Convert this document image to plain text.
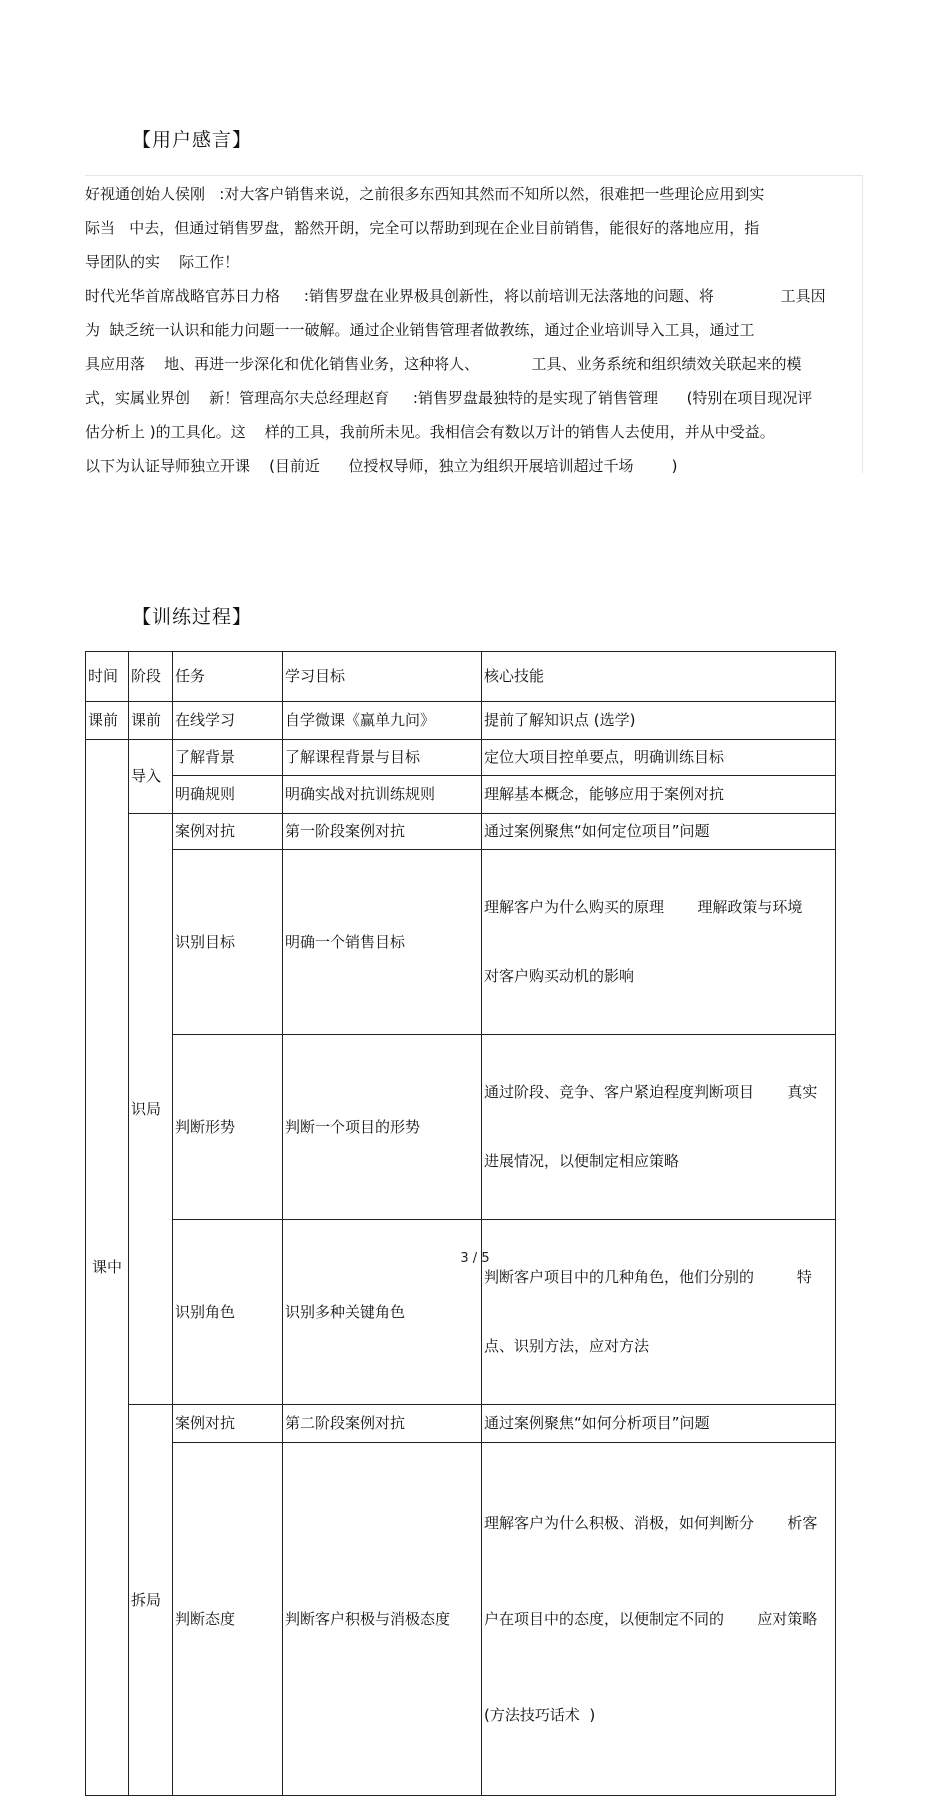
【用户感言】
好视通创始人侯刚   :对大客户销售来说，之前很多东西知其然而不知所以然，很难把一些理论应用到实
际当   中去，但通过销售罗盘，豁然开朗，完全可以帮助到现在企业目前销售，能很好的落地应用，指
导团队的实    际工作！
时代光华首席战略官苏日力格     :销售罗盘在业界极具创新性，将以前培训无法落地的问题、将              工具因
为  缺乏统一认识和能力问题一一破解。通过企业销售管理者做教练，通过企业培训导入工具，通过工
具应用落    地、再进一步深化和优化销售业务，这种将人、           工具、业务系统和组织绩效关联起来的模
式，实属业界创    新！管理高尔夫总经理赵育     :销售罗盘最独特的是实现了销售管理      (特别在项目现况评
估分析上 )的工具化。这    样的工具，我前所未见。我相信会有数以万计的销售人去使用，并从中受益。
以下为认证导师独立开课    (目前近      位授权导师，独立为组织开展培训超过千场        )
【训练过程】
时间	阶段	任务	学习目标	核心技能
课前	课前	在线学习	自学微课《赢单九问》	提前了解知识点 (选学)
课中	导入	了解背景	了解课程背景与目标	定位大项目控单要点，明确训练目标

		明确规则	明确实战对抗训练规则	理解基本概念，能够应用于案例对抗

	识局	案例对抗	第一阶段案例对抗	通过案例聚焦“如何定位项目”问题

		识别目标	明确一个销售目标	理解客户为什么购买的原理       理解政策与环境

对客户购买动机的影响

		判断形势	判断一个项目的形势	通过阶段、竞争、客户紧迫程度判断项目       真实

进展情况，以便制定相应策略

		识别角色	识别多种关键角色	判断客户项目中的几种角色，他们分别的         特

点、识别方法，应对方法

	拆局	案例对抗	第二阶段案例对抗	通过案例聚焦“如何分析项目”问题

		判断态度	判断客户积极与消极态度	理解客户为什么积极、消极，如何判断分       析客

户在项目中的态度，以便制定不同的       应对策略

(方法技巧话术  )

3 / 5
